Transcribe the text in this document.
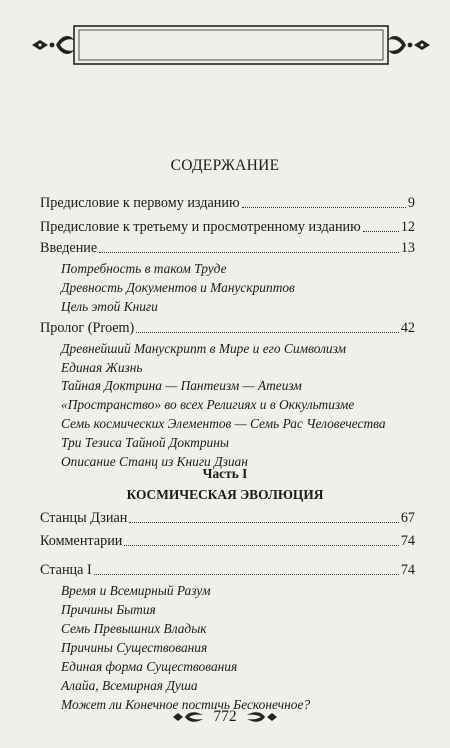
СОДЕРЖАНИЕ
Предисловие к первому изданию	9
Предисловие к третьему и просмотренному изданию	12
Введение	13
Потребность в таком Труде
Древность Документов и Манускриптов
Цель этой Книги
Пролог (Proem)	42
Древнейший Манускрипт в Мире и его Символизм
Единая Жизнь
Тайная Доктрина — Пантеизм — Атеизм
«Пространство» во всех Религиях и в Оккультизме
Семь космических Элементов — Семь Рас Человечества
Три Тезиса Тайной Доктрины
Описание Станц из Книги Дзиан
Часть I
КОСМИЧЕСКАЯ ЭВОЛЮЦИЯ
Станцы Дзиан	67
Комментарии	74
Станца I	74
Время и Всемирный Разум
Причины Бытия
Семь Превышних Владык
Причины Существования
Единая форма Существования
Алайа, Всемирная Душа
Может ли Конечное постичь Бесконечное?
772
